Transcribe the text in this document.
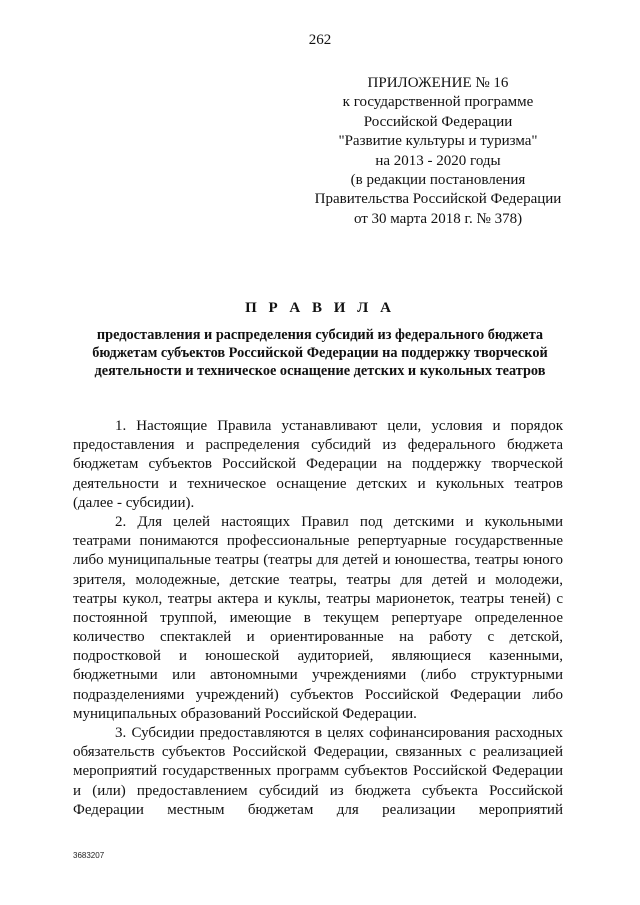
262
ПРИЛОЖЕНИЕ № 16
к государственной программе
Российской Федерации
"Развитие культуры и туризма"
на 2013 - 2020 годы
(в редакции постановления
Правительства Российской Федерации
от 30 марта 2018 г. № 378)
П Р А В И Л А
предоставления и распределения субсидий из федерального бюджета
бюджетам субъектов Российской Федерации на поддержку творческой
деятельности и техническое оснащение детских и кукольных театров
1. Настоящие Правила устанавливают цели, условия и порядок
предоставления и распределения субсидий из федерального бюджета
бюджетам субъектов Российской Федерации на поддержку творческой
деятельности и техническое оснащение детских и кукольных театров
(далее - субсидии).
2. Для целей настоящих Правил под детскими и кукольными
театрами понимаются профессиональные репертуарные государственные
либо муниципальные театры (театры для детей и юношества, театры юного
зрителя, молодежные, детские театры, театры для детей и молодежи,
театры кукол, театры актера и куклы, театры марионеток, театры теней) с
постоянной труппой, имеющие в текущем репертуаре определенное
количество спектаклей и ориентированные на работу с детской,
подростковой и юношеской аудиторией, являющиеся казенными,
бюджетными или автономными учреждениями (либо структурными
подразделениями учреждений) субъектов Российской Федерации либо
муниципальных образований Российской Федерации.
3. Субсидии предоставляются в целях софинансирования расходных
обязательств субъектов Российской Федерации, связанных с реализацией
мероприятий государственных программ субъектов Российской Федерации
и (или) предоставлением субсидий из бюджета субъекта Российской
Федерации местным бюджетам для реализации мероприятий
3683207
